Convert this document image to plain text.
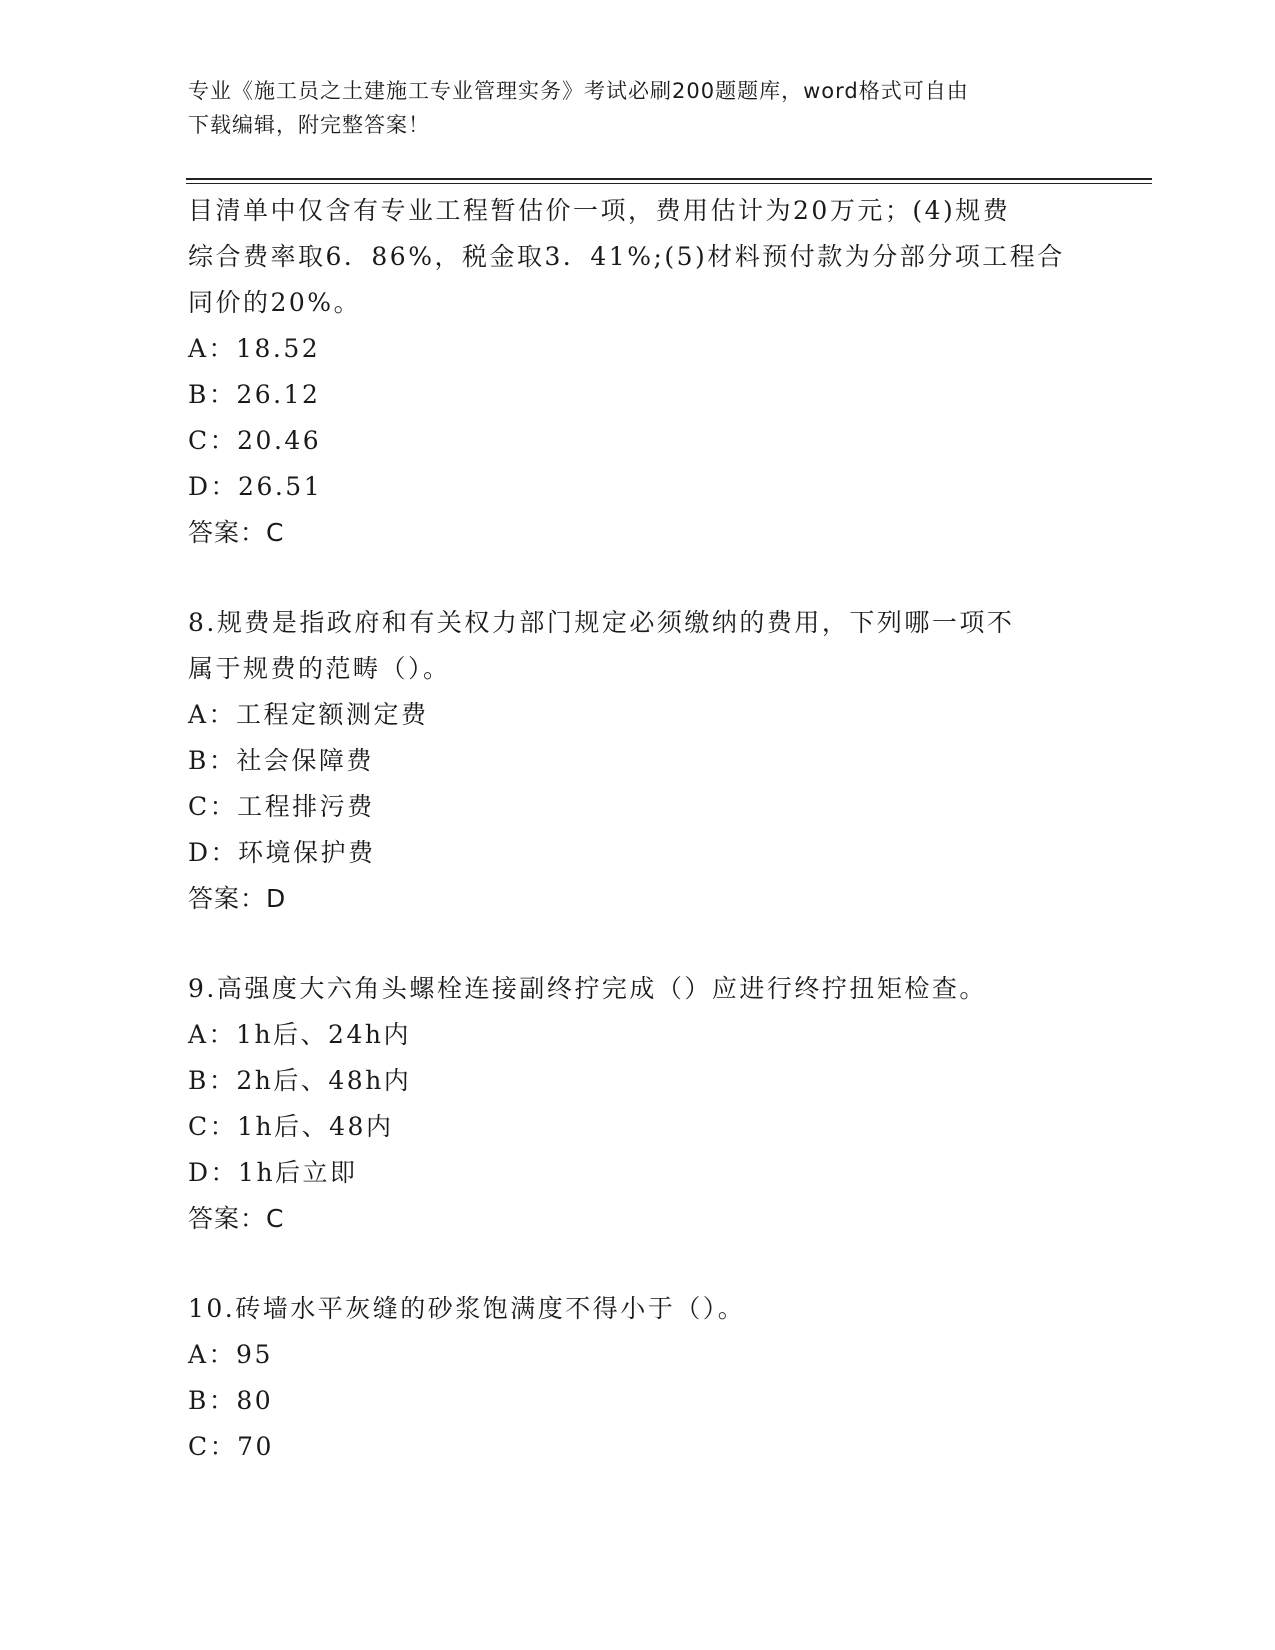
专业《施工员之土建施工专业管理实务》考试必刷200题题库，word格式可自由
下载编辑，附完整答案！
目清单中仅含有专业工程暂估价一项，费用估计为20万元；(4)规费
综合费率取6．86%，税金取3．41%;(5)材料预付款为分部分项工程合
同价的20%。
A：18.52
B：26.12
C：20.46
D：26.51
答案：C
8.规费是指政府和有关权力部门规定必须缴纳的费用，下列哪一项不
属于规费的范畴（）。
A：工程定额测定费
B：社会保障费
C：工程排污费
D：环境保护费
答案：D
9.高强度大六角头螺栓连接副终拧完成（）应进行终拧扭矩检查。
A：1h后、24h内
B：2h后、48h内
C：1h后、48内
D：1h后立即
答案：C
10.砖墙水平灰缝的砂浆饱满度不得小于（）。
A：95
B：80
C：70
